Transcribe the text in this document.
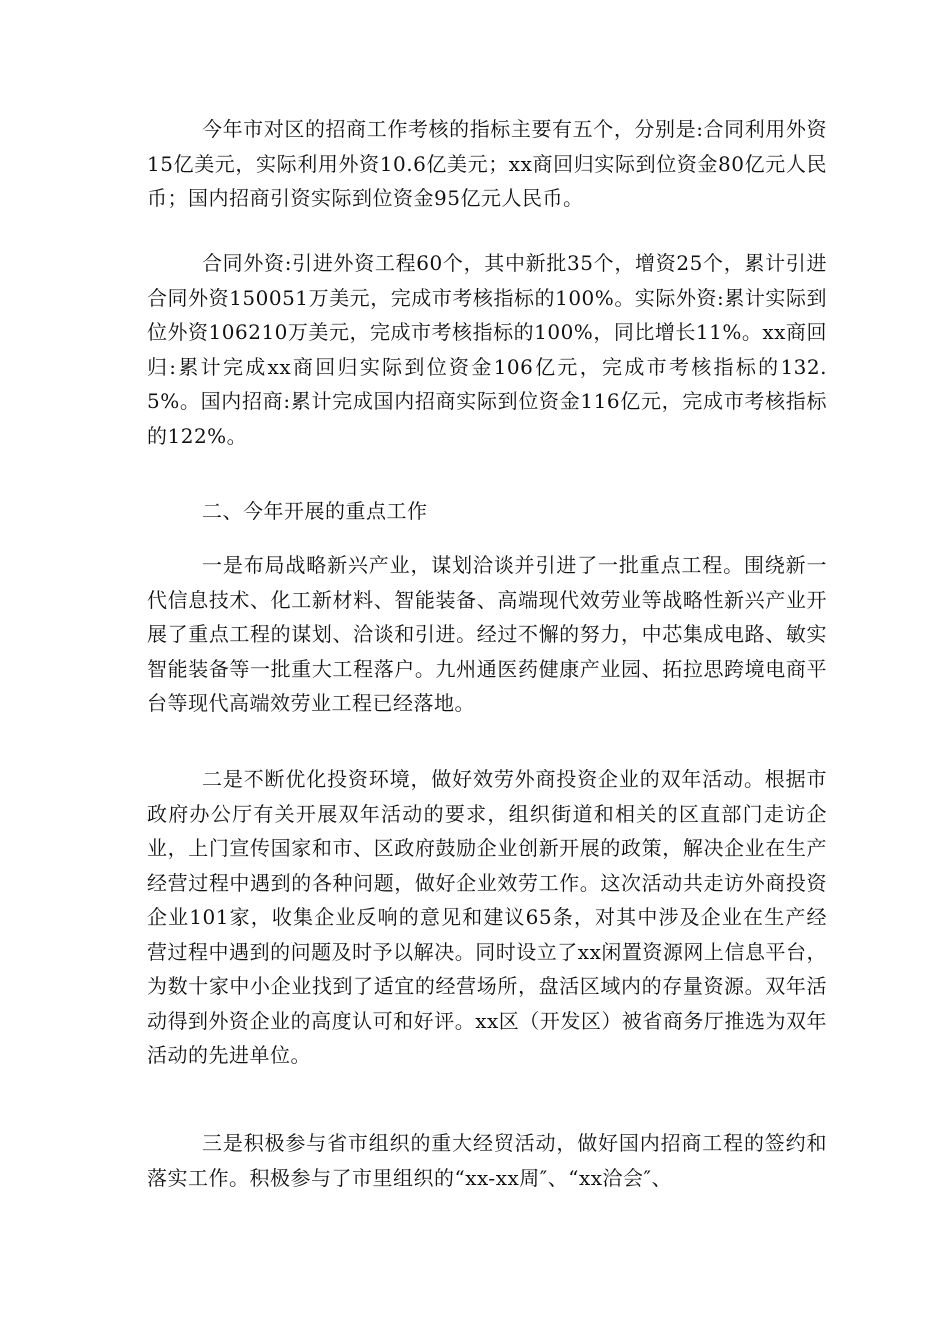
今年市对区的招商工作考核的指标主要有五个，分别是:合同利用外资15亿美元，实际利用外资10.6亿美元；xx商回归实际到位资金80亿元人民币；国内招商引资实际到位资金95亿元人民币。

合同外资:引进外资工程60个，其中新批35个，增资25个，累计引进合同外资150051万美元，完成市考核指标的100%。实际外资:累计实际到位外资106210万美元，完成市考核指标的100%，同比增长11%。xx商回归:累计完成xx商回归实际到位资金106亿元，完成市考核指标的132.5%。国内招商:累计完成国内招商实际到位资金116亿元，完成市考核指标的122%。

二、今年开展的重点工作

一是布局战略新兴产业，谋划洽谈并引进了一批重点工程。围绕新一代信息技术、化工新材料、智能装备、高端现代效劳业等战略性新兴产业开展了重点工程的谋划、洽谈和引进。经过不懈的努力，中芯集成电路、敏实智能装备等一批重大工程落户。九州通医药健康产业园、拓拉思跨境电商平台等现代高端效劳业工程已经落地。

二是不断优化投资环境，做好效劳外商投资企业的双年活动。根据市政府办公厅有关开展双年活动的要求，组织街道和相关的区直部门走访企业，上门宣传国家和市、区政府鼓励企业创新开展的政策，解决企业在生产经营过程中遇到的各种问题，做好企业效劳工作。这次活动共走访外商投资企业101家，收集企业反响的意见和建议65条，对其中涉及企业在生产经营过程中遇到的问题及时予以解决。同时设立了xx闲置资源网上信息平台，为数十家中小企业找到了适宜的经营场所，盘活区域内的存量资源。双年活动得到外资企业的高度认可和好评。xx区（开发区）被省商务厅推选为双年活动的先进单位。

三是积极参与省市组织的重大经贸活动，做好国内招商工程的签约和落实工作。积极参与了市里组织的“xx-xx周″、“xx洽会″、
